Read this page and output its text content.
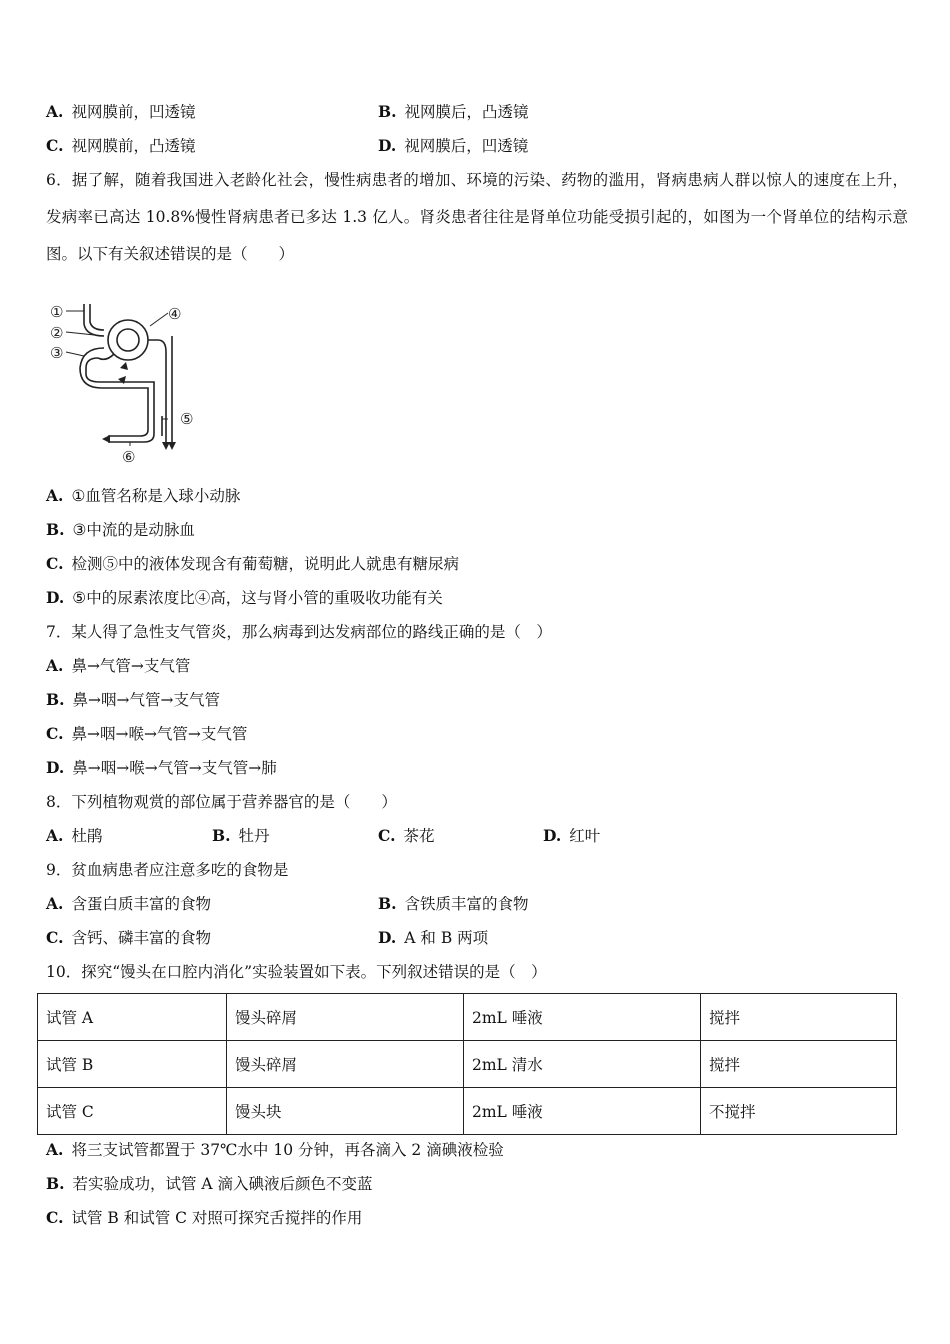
A. 视网膜前，凹透镜	B. 视网膜后，凸透镜
C. 视网膜前，凸透镜	D. 视网膜后，凹透镜
6．据了解，随着我国进入老龄化社会，慢性病患者的增加、环境的污染、药物的滥用，肾病患病人群以惊人的速度在上升，发病率已高达 10.8%慢性肾病患者已多达 1.3 亿人。肾炎患者往往是肾单位功能受损引起的，如图为一个肾单位的结构示意图。以下有关叙述错误的是（　　）
①
②
③
④
⑤
⑥
A. ①血管名称是入球小动脉
B. ③中流的是动脉血
C. 检测⑤中的液体发现含有葡萄糖，说明此人就患有糖尿病
D. ⑤中的尿素浓度比④高，这与肾小管的重吸收功能有关
7．某人得了急性支气管炎，那么病毒到达发病部位的路线正确的是（　）
A. 鼻→气管→支气管
B. 鼻→咽→气管→支气管
C. 鼻→咽→喉→气管→支气管
D. 鼻→咽→喉→气管→支气管→肺
8．下列植物观赏的部位属于营养器官的是（　　）
A. 杜鹃	B. 牡丹	C. 茶花	D. 红叶
9．贫血病患者应注意多吃的食物是
A. 含蛋白质丰富的食物	B. 含铁质丰富的食物
C. 含钙、磷丰富的食物	D. A 和 B 两项
10．探究“馒头在口腔内消化”实验装置如下表。下列叙述错误的是（　）
试管 A	馒头碎屑	2mL 唾液	搅拌
试管 B	馒头碎屑	2mL 清水	搅拌
试管 C	馒头块	2mL 唾液	不搅拌
A. 将三支试管都置于 37℃水中 10 分钟，再各滴入 2 滴碘液检验
B. 若实验成功，试管 A 滴入碘液后颜色不变蓝
C. 试管 B 和试管 C 对照可探究舌搅拌的作用
